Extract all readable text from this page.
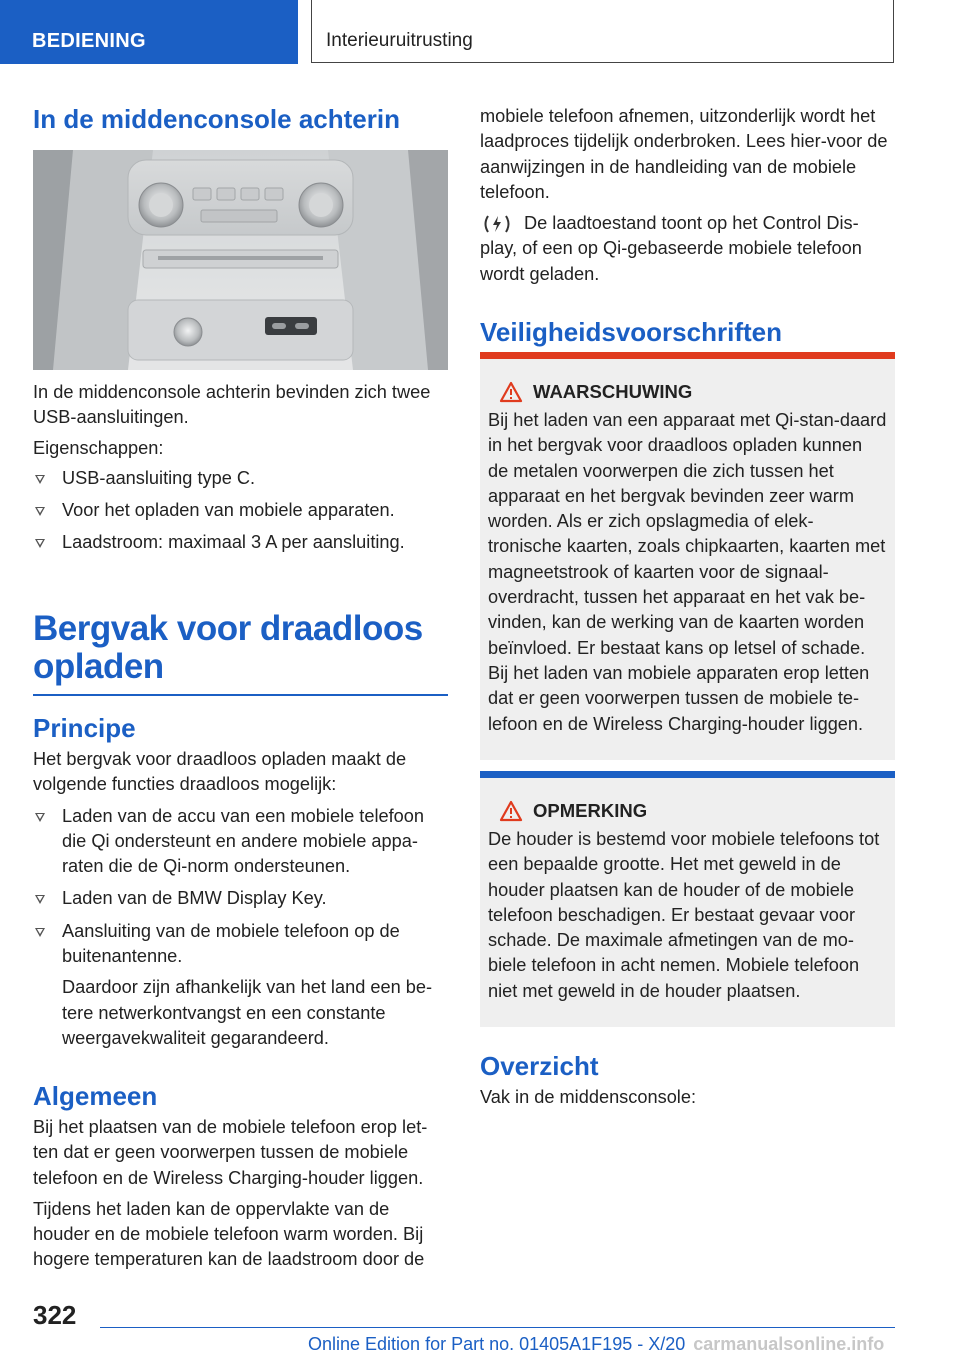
BEDIENING	Interieuruitrusting
In de middenconsole achterin

In de middenconsole achterin bevinden zich twee USB-aansluitingen.

Eigenschappen:

USB-aansluiting type C.
Voor het opladen van mobiele apparaten.
Laadstroom: maximaal 3 A per aansluiting.
Bergvak voor draadloos
opladen
Principe

Het bergvak voor draadloos opladen maakt de volgende functies draadloos mogelijk:

Laden van de accu van een mobiele telefoon die Qi ondersteunt en andere mobiele appa-raten die de Qi-norm ondersteunen.
Laden van de BMW Display Key.
Aansluiting van de mobiele telefoon op de buitenantenne.

Daardoor zijn afhankelijk van het land een be-tere netwerkontvangst en een constante weergavekwaliteit gegarandeerd.

Algemeen

Bij het plaatsen van de mobiele telefoon erop let-ten dat er geen voorwerpen tussen de mobiele telefoon en de Wireless Charging-houder liggen.

Tijdens het laden kan de oppervlakte van de houder en de mobiele telefoon warm worden. Bij hogere temperaturen kan de laadstroom door de

mobiele telefoon afnemen, uitzonderlijk wordt het laadproces tijdelijk onderbroken. Lees hier-voor de aanwijzingen in de handleiding van de mobiele telefoon.

De laadtoestand toont op het Control Dis-play, of een op Qi-gebaseerde mobiele telefoon wordt geladen.

Veiligheidsvoorschriften
WAARSCHUWING

Bij het laden van een apparaat met Qi-stan-daard in het bergvak voor draadloos opladen kunnen de metalen voorwerpen die zich tussen het apparaat en het bergvak bevinden zeer warm worden. Als er zich opslagmedia of elek-tronische kaarten, zoals chipkaarten, kaarten met magneetstrook of kaarten voor de signaal-overdracht, tussen het apparaat en het vak be-vinden, kan de werking van de kaarten worden beïnvloed. Er bestaat kans op letsel of schade. Bij het laden van mobiele apparaten erop letten dat er geen voorwerpen tussen de mobiele te-lefoon en de Wireless Charging-houder liggen.

OPMERKING

De houder is bestemd voor mobiele telefoons tot een bepaalde grootte. Het met geweld in de houder plaatsen kan de houder of de mobiele telefoon beschadigen. Er bestaat gevaar voor schade. De maximale afmetingen van de mo-biele telefoon in acht nemen. Mobiele telefoon niet met geweld in de houder plaatsen.

Overzicht

Vak in de middensconsole:

322
Online Edition for Part no. 01405A1F195 - X/20 carmanualsonline.info
